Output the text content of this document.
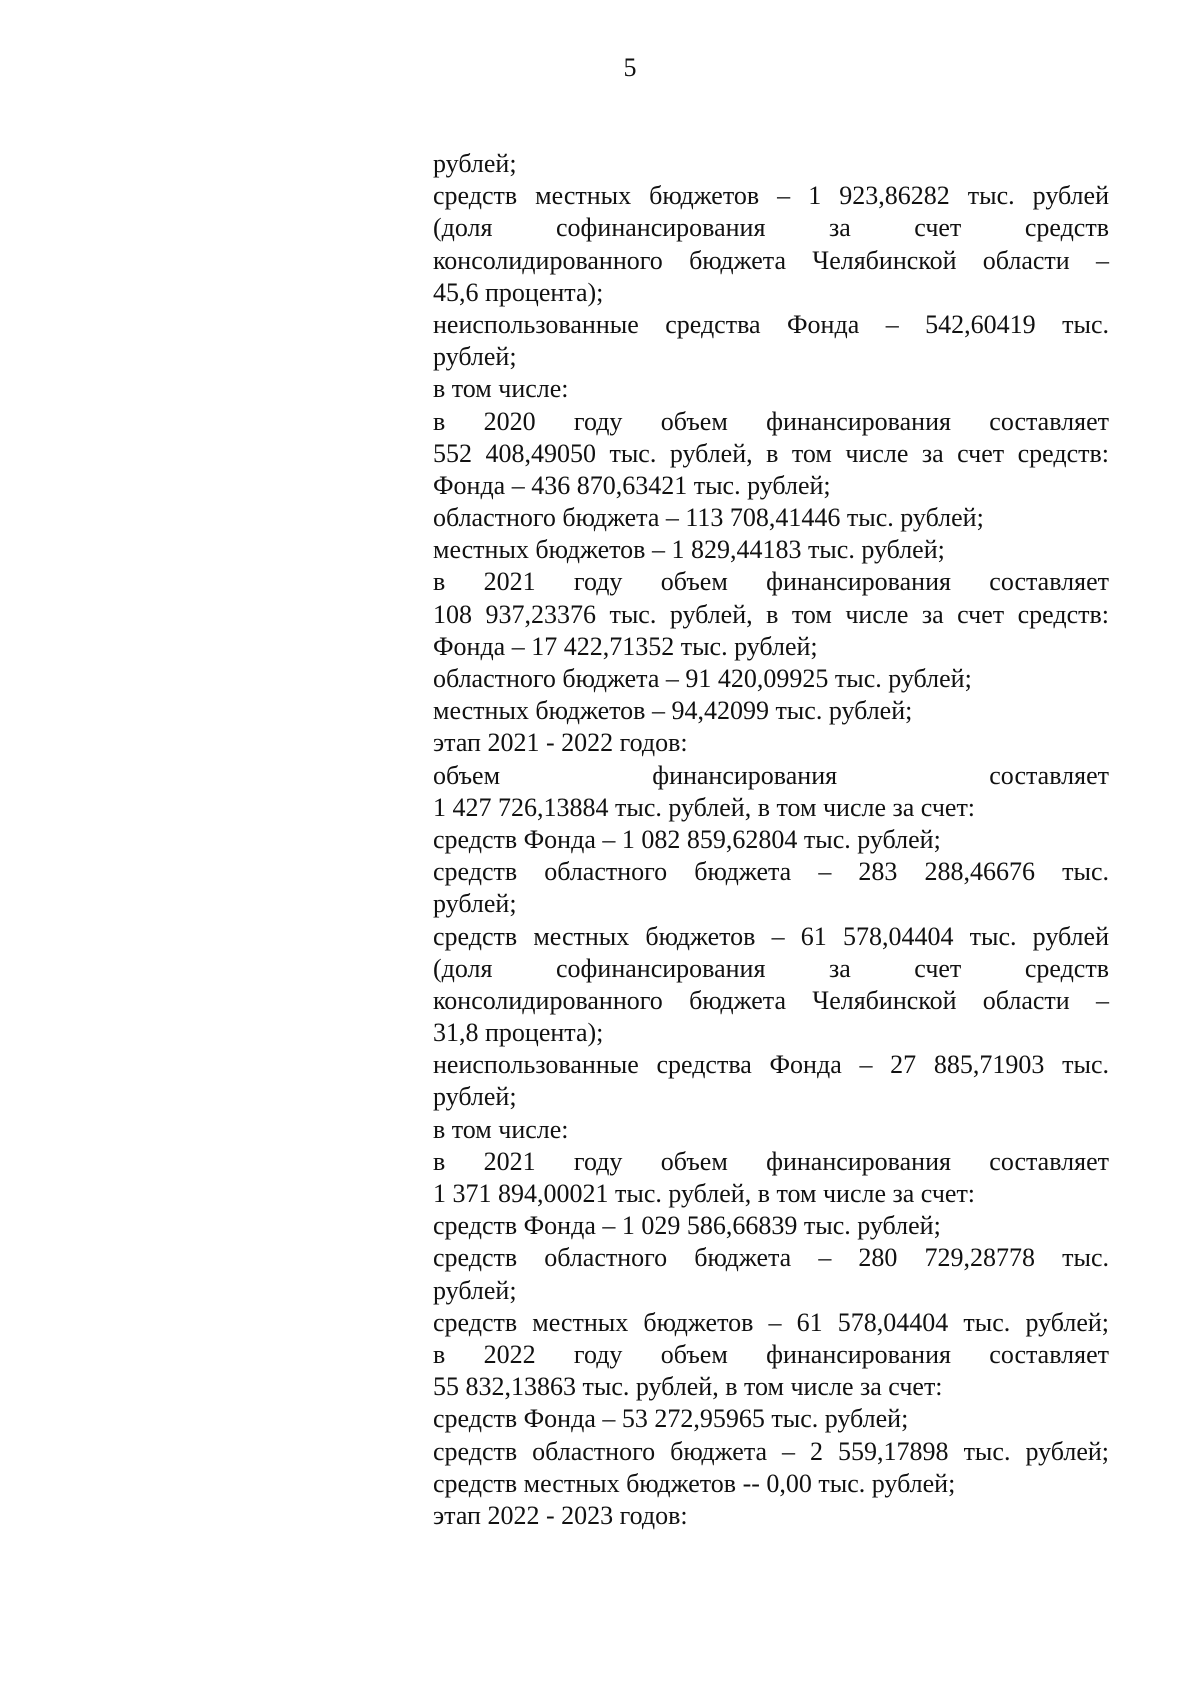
5
рублей;
средств местных бюджетов – 1 923,86282 тыс. рублей
(доля софинансирования за счет средств
консолидированного бюджета Челябинской области –
45,6 процента);
неиспользованные средства Фонда – 542,60419 тыс.
рублей;
в том числе:
в 2020 году объем финансирования составляет
552 408,49050 тыс. рублей, в том числе за счет средств:
Фонда – 436 870,63421 тыс. рублей;
областного бюджета – 113 708,41446 тыс. рублей;
местных бюджетов – 1 829,44183 тыс. рублей;
в 2021 году объем финансирования составляет
108 937,23376 тыс. рублей, в том числе за счет средств:
Фонда – 17 422,71352 тыс. рублей;
областного бюджета – 91 420,09925 тыс. рублей;
местных бюджетов – 94,42099 тыс. рублей;
этап 2021 - 2022 годов:
объем финансирования составляет
1 427 726,13884 тыс. рублей, в том числе за счет:
средств Фонда – 1 082 859,62804 тыс. рублей;
средств областного бюджета – 283 288,46676 тыс.
рублей;
средств местных бюджетов – 61 578,04404 тыс. рублей
(доля софинансирования за счет средств
консолидированного бюджета Челябинской области –
31,8 процента);
неиспользованные средства Фонда – 27 885,71903 тыс.
рублей;
в том числе:
в 2021 году объем финансирования составляет
1 371 894,00021 тыс. рублей, в том числе за счет:
средств Фонда – 1 029 586,66839 тыс. рублей;
средств областного бюджета – 280 729,28778 тыс.
рублей;
средств местных бюджетов – 61 578,04404 тыс. рублей;
в 2022 году объем финансирования составляет
55 832,13863 тыс. рублей, в том числе за счет:
средств Фонда – 53 272,95965 тыс. рублей;
средств областного бюджета – 2 559,17898 тыс. рублей;
средств местных бюджетов -- 0,00 тыс. рублей;
этап 2022 - 2023 годов:
